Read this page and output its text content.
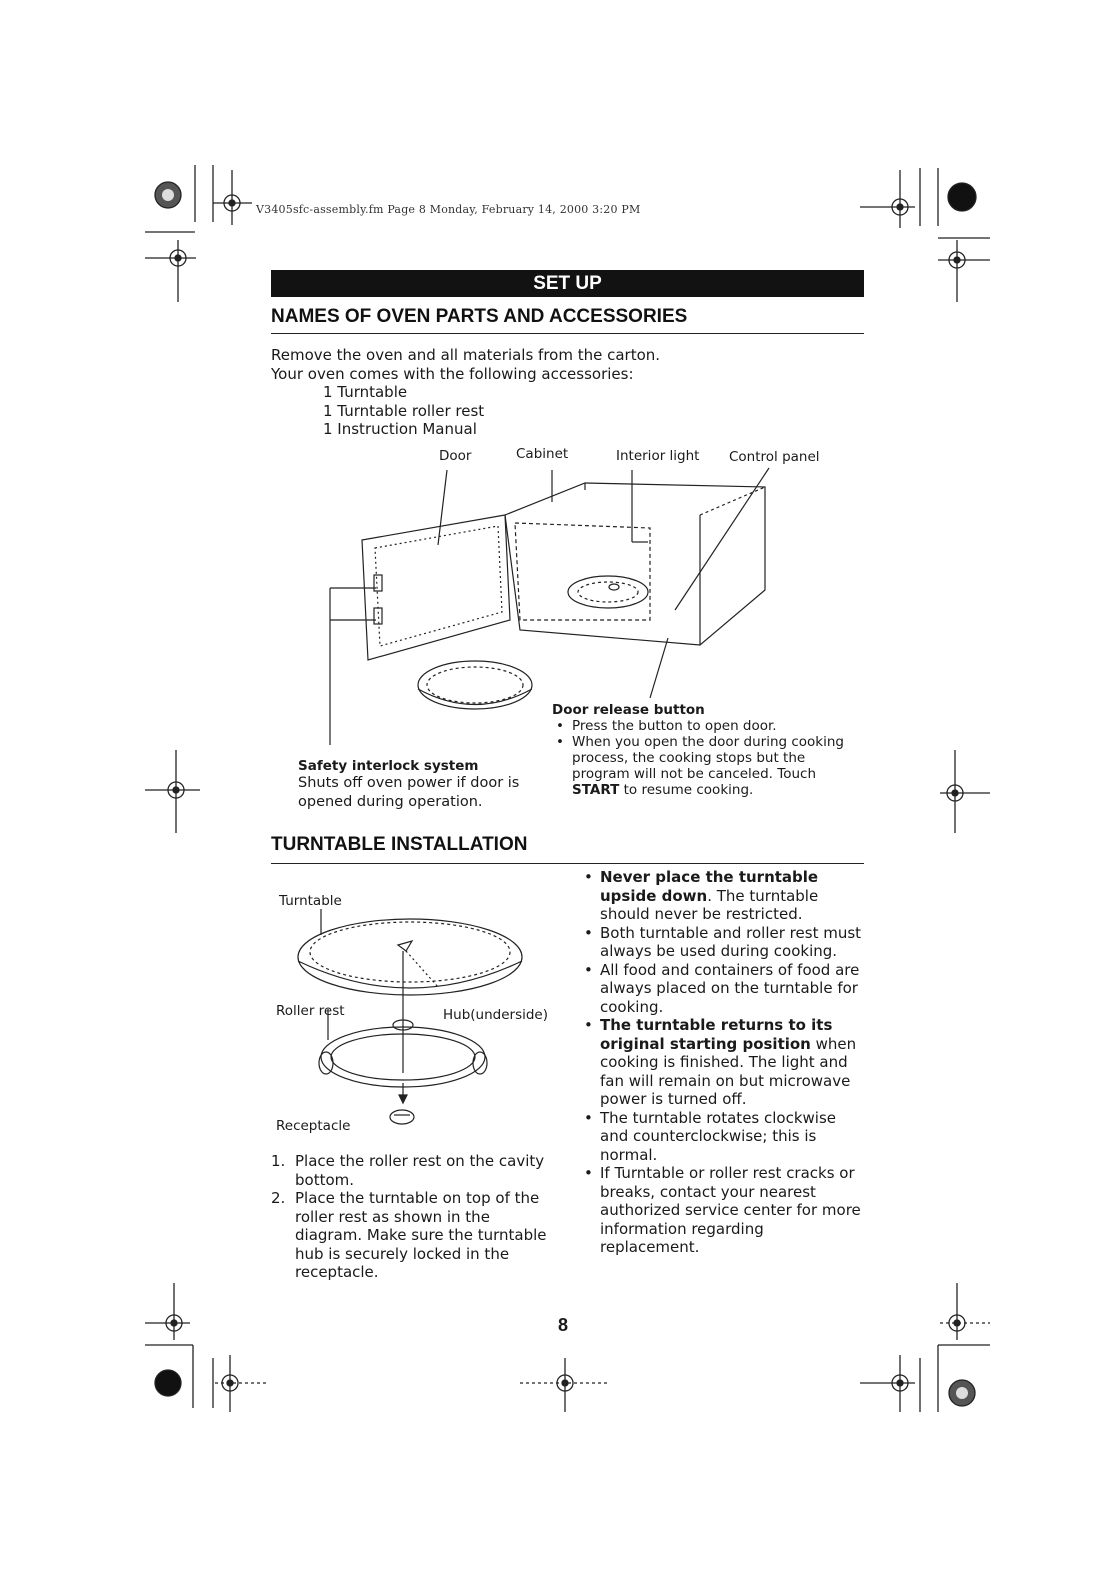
V3405sfc-assembly.fm Page 8 Monday, February 14, 2000 3:20 PM
SET UP
NAMES OF OVEN PARTS AND ACCESSORIES
Remove the oven and all materials from the carton.
Your oven comes with the following accessories:
1 Turntable
1 Turntable roller rest
1 Instruction Manual
Door	Cabinet	Interior light Control panel
Door release button
• Press the button to open door.
• When you open the door during cooking process, the cooking stops but the program will not be canceled. Touch START to resume cooking.
Safety interlock system
Shuts off oven power if door is opened during operation.
TURNTABLE INSTALLATION
Turntable
Roller rest	Hub(underside)
Receptacle
1. Place the roller rest on the cavity bottom.
2. Place the turntable on top of the roller rest as shown in the diagram. Make sure the turntable hub is securely locked in the receptacle.
• Never place the turntable upside down. The turntable should never be restricted.
• Both turntable and roller rest must always be used during cooking.
• All food and containers of food are always placed on the turntable for cooking.
• The turntable returns to its original starting position when cooking is finished. The light and fan will remain on but microwave power is turned off.
• The turntable rotates clockwise and counterclockwise; this is normal.
• If Turntable or roller rest cracks or breaks, contact your nearest authorized service center for more information regarding replacement.
8
